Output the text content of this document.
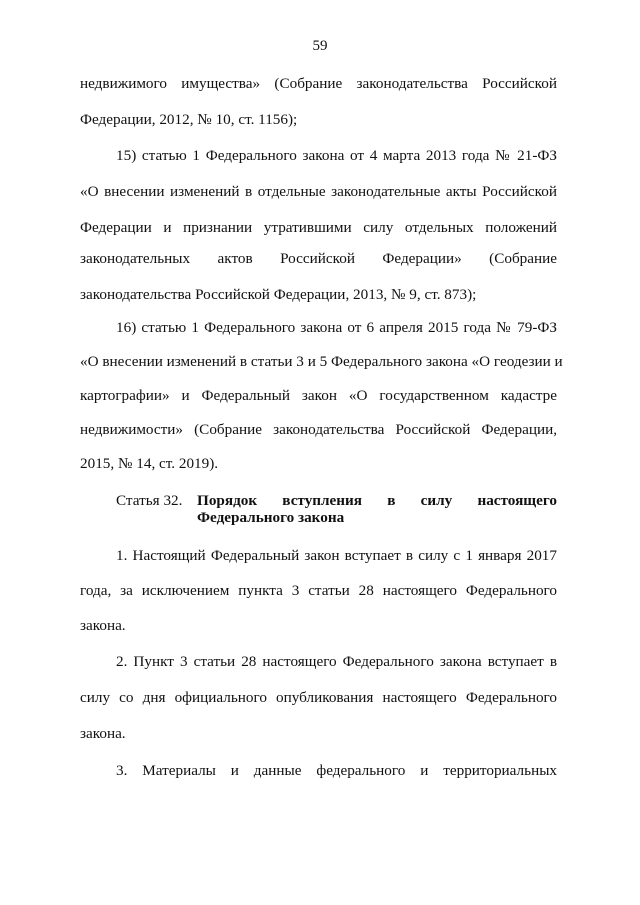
59
недвижимого имущества» (Собрание законодательства Российской
Федерации, 2012, № 10, ст. 1156);
15) статью 1 Федерального закона от 4 марта 2013 года № 21-ФЗ
«О внесении изменений в отдельные законодательные акты Российской
Федерации и признании утратившими силу отдельных положений
законодательных актов Российской Федерации» (Собрание
законодательства Российской Федерации, 2013, № 9, ст. 873);
16) статью 1 Федерального закона от 6 апреля 2015 года № 79-ФЗ
«О внесении изменений в статьи 3 и 5 Федерального закона «О геодезии и
картографии» и Федеральный закон «О государственном кадастре
недвижимости» (Собрание законодательства Российской Федерации,
2015, № 14, ст. 2019).
Статья 32. Порядок вступления в силу настоящего
Федерального закона
1. Настоящий Федеральный закон вступает в силу с 1 января 2017
года, за исключением пункта 3 статьи 28 настоящего Федерального
закона.
2. Пункт 3 статьи 28 настоящего Федерального закона вступает в
силу со дня официального опубликования настоящего Федерального
закона.
3. Материалы и данные федерального и территориальных
